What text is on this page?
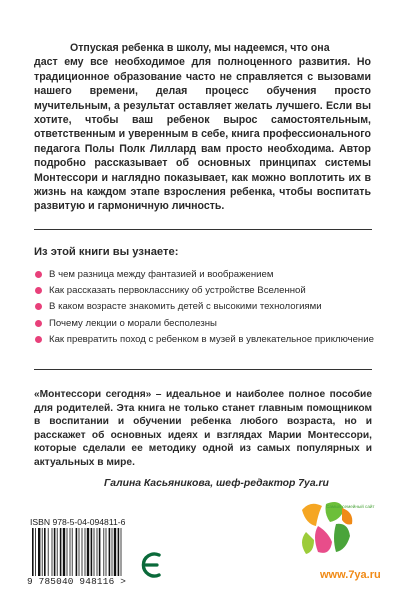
Отпуская ребенка в школу, мы надеемся, что она
даст ему все необходимое для полноценного развития. Но традиционное образование часто не справляется с вызовами нашего времени, делая процесс обучения просто мучительным, а результат оставляет желать лучшего. Если вы хотите, чтобы ваш ребенок вырос самостоятельным, ответственным и уверенным в себе, книга профессионального педагога Полы Полк Лиллард вам просто необходима. Автор подробно рассказывает об основных принципах системы Монтессори и наглядно показывает, как можно воплотить их в жизнь на каждом этапе взросления ребенка, чтобы воспитать развитую и гармоничную личность.

Из этой книги вы узнаете:
В чем разница между фантазией и воображением
Как рассказать первокласснику об устройстве Вселенной
В каком возрасте знакомить детей с высокими технологиями
Почему лекции о морали бесполезны
Как превратить поход с ребенком в музей в увлекательное приключение

«Монтессори сегодня» – идеальное и наиболее полное пособие для родителей. Эта книга не только станет главным помощником в воспитании и обучении ребенка любого возраста, но и расскажет об основных идеях и взглядах Марии Монтессори, которые сделали ее методику одной из самых популярных и актуальных в мире.

Галина Касьяникова, шеф-редактор 7ya.ru
ISBN 978-5-04-094811-6
9 785040 948116 >
Самый семейный сайт
www.7ya.ru
